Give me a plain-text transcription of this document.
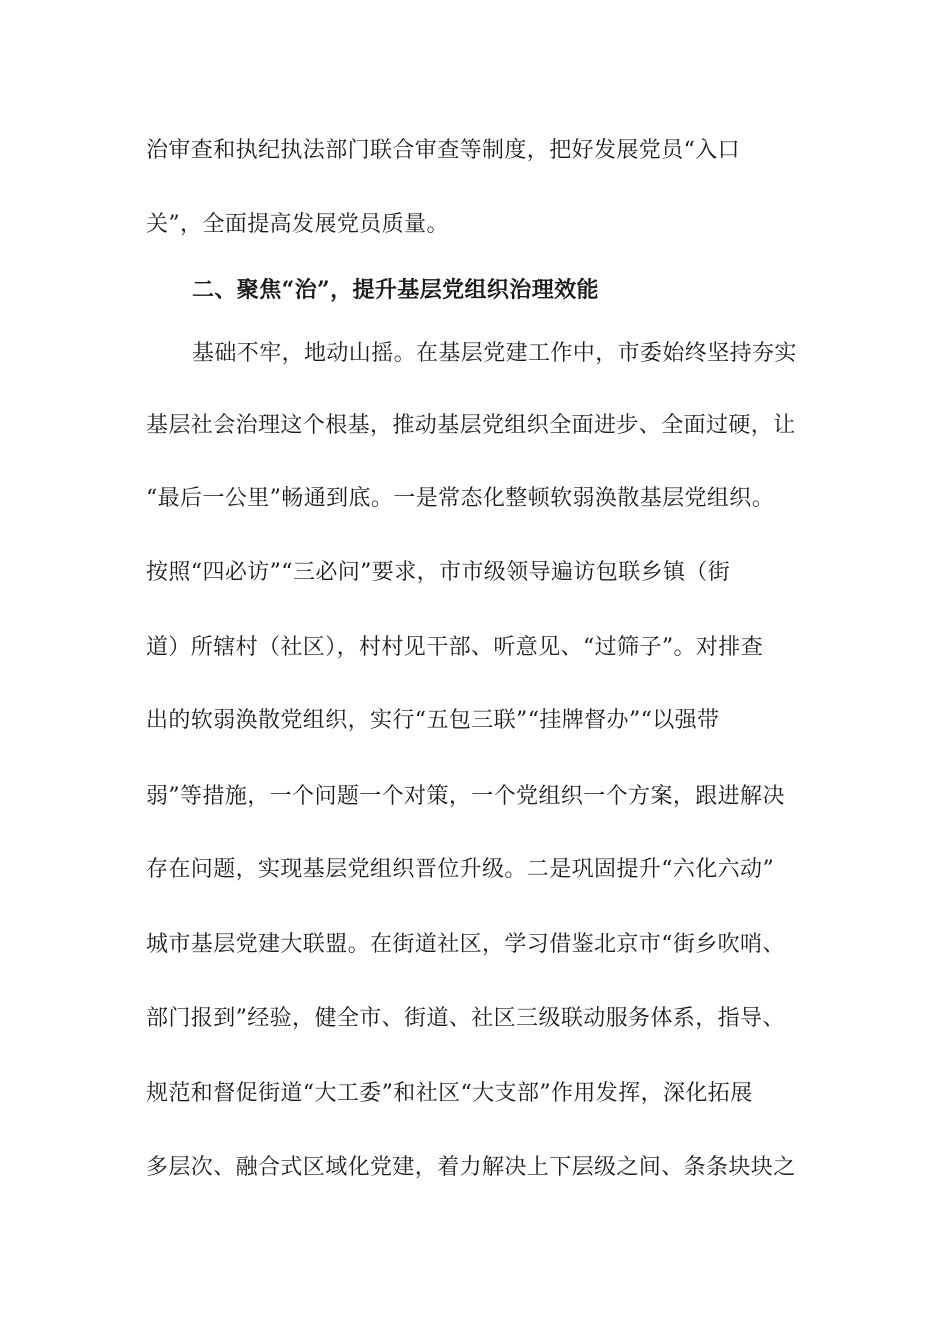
治审查和执纪执法部门联合审查等制度，把好发展党员“入口
关”，全面提高发展党员质量。
二、聚焦“治”，提升基层党组织治理效能
基础不牢，地动山摇。在基层党建工作中，市委始终坚持夯实
基层社会治理这个根基，推动基层党组织全面进步、全面过硬，让
“最后一公里”畅通到底。一是常态化整顿软弱涣散基层党组织。
按照“四必访”“三必问”要求，市市级领导遍访包联乡镇（街
道）所辖村（社区），村村见干部、听意见、“过筛子”。对排查
出的软弱涣散党组织，实行“五包三联”“挂牌督办”“以强带
弱”等措施，一个问题一个对策，一个党组织一个方案，跟进解决
存在问题，实现基层党组织晋位升级。二是巩固提升“六化六动”
城市基层党建大联盟。在街道社区，学习借鉴北京市“街乡吹哨、
部门报到”经验，健全市、街道、社区三级联动服务体系，指导、
规范和督促街道“大工委”和社区“大支部”作用发挥，深化拓展
多层次、融合式区域化党建，着力解决上下层级之间、条条块块之
